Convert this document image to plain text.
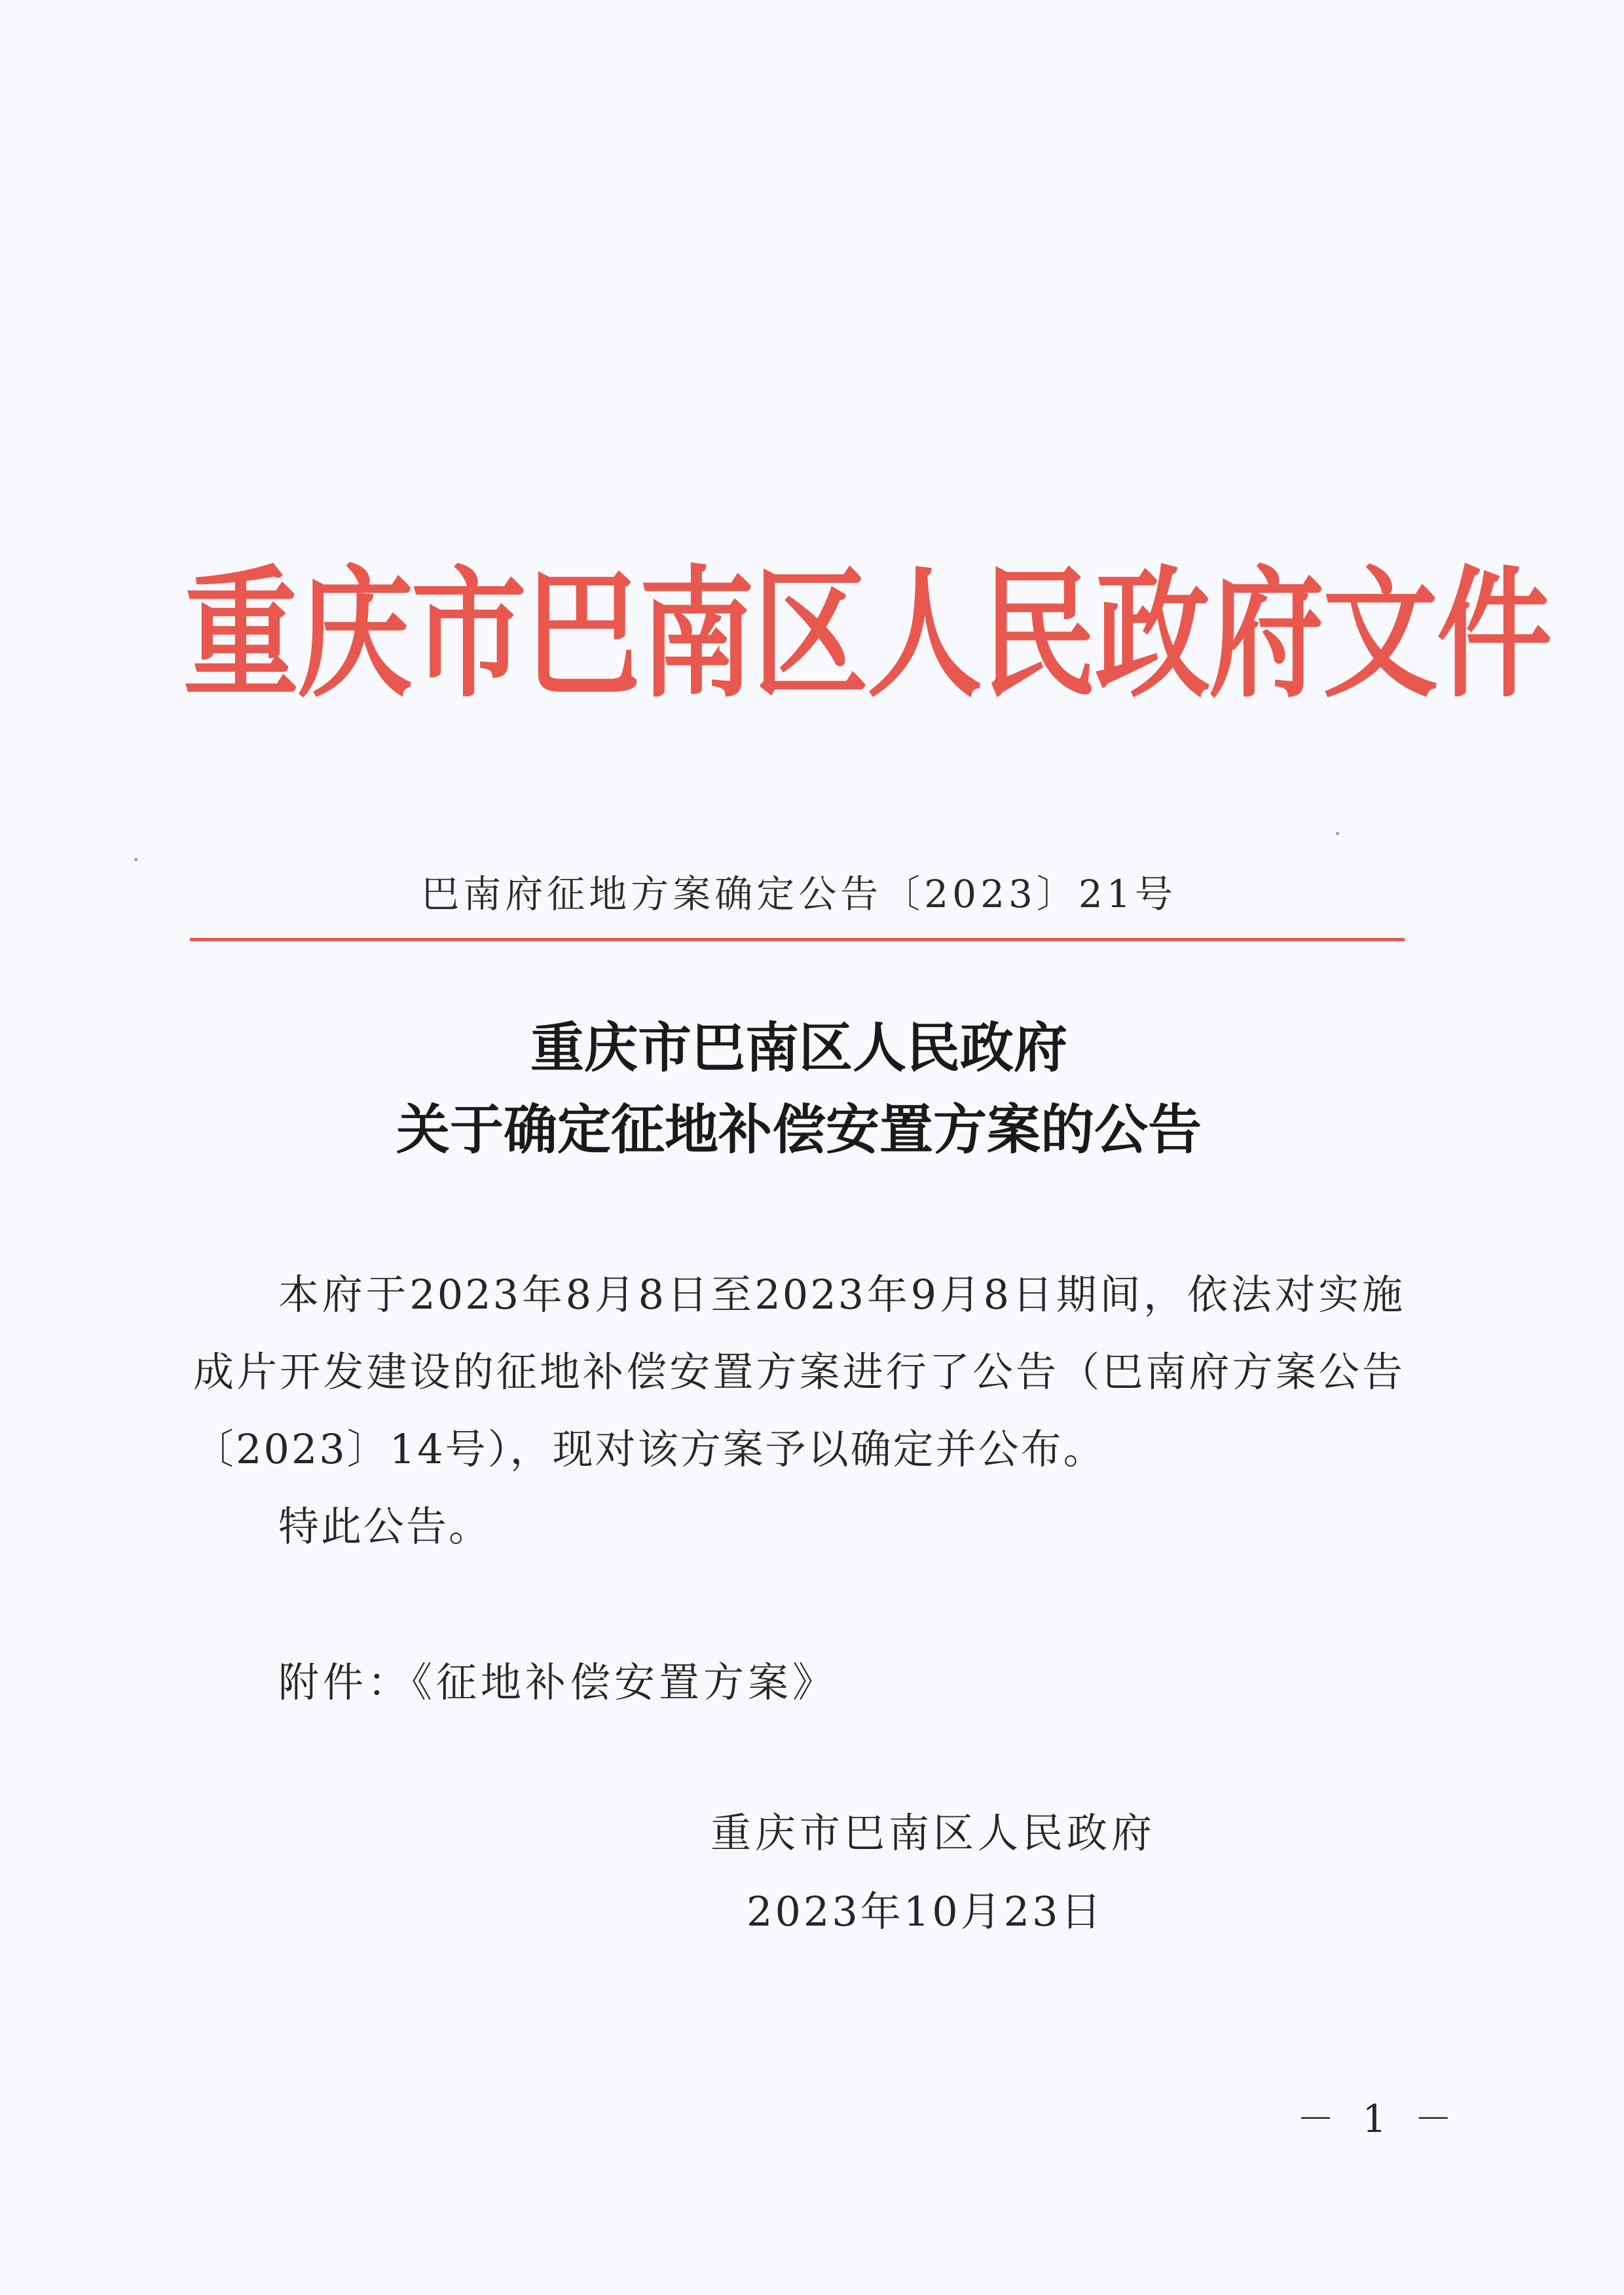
重庆市巴南区人民政府文件
巴南府征地方案确定公告〔2023〕21号
重庆市巴南区人民政府
关于确定征地补偿安置方案的公告
本府于2023年8月8日至2023年9月8日期间，依法对实施成片开发建设的征地补偿安置方案进行了公告（巴南府方案公告〔2023〕14号），现对该方案予以确定并公布。
特此公告。
附件：《征地补偿安置方案》
重庆市巴南区人民政府
2023年10月23日
－ 1 －
